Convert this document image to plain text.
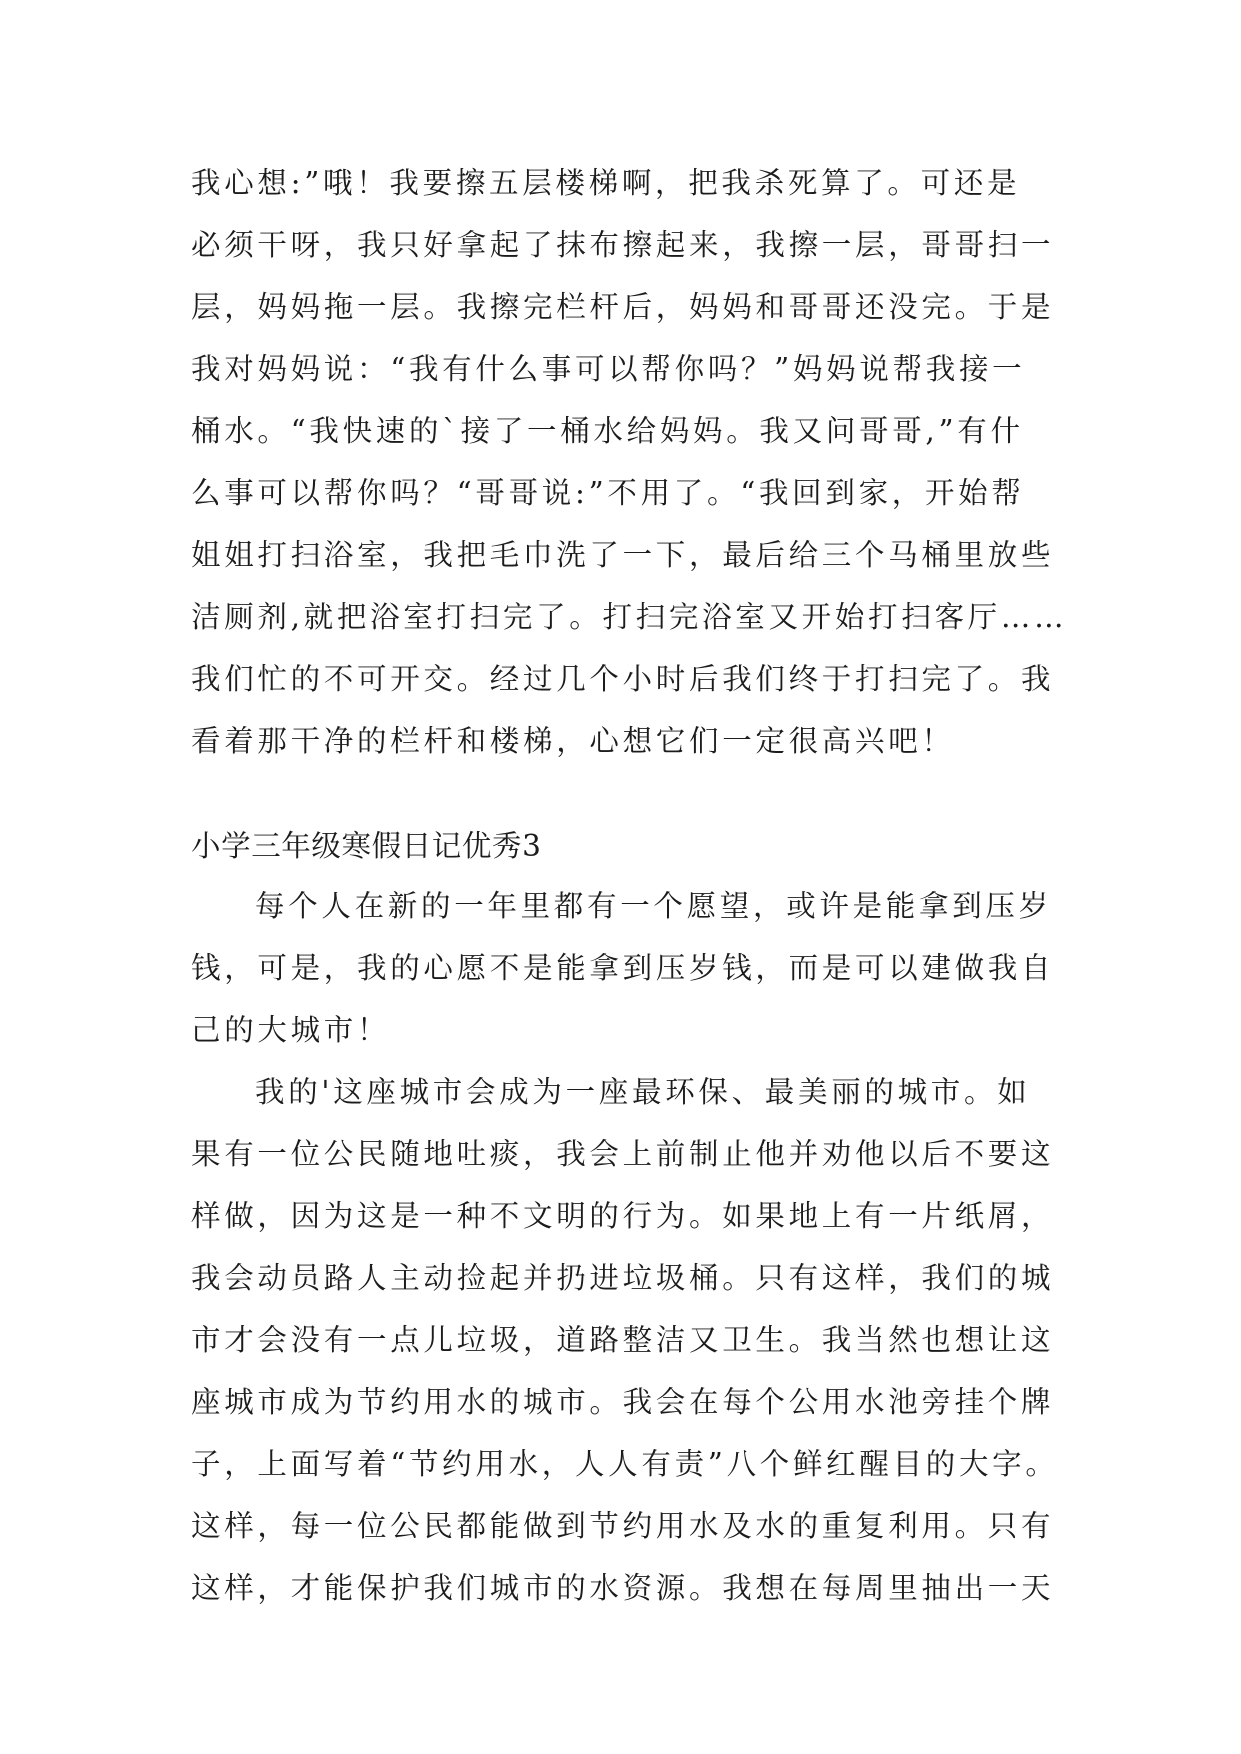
我心想:”哦！我要擦五层楼梯啊，把我杀死算了。可还是
必须干呀，我只好拿起了抹布擦起来，我擦一层，哥哥扫一
层，妈妈拖一层。我擦完栏杆后，妈妈和哥哥还没完。于是
我对妈妈说：“我有什么事可以帮你吗？”妈妈说帮我接一
桶水。“我快速的`接了一桶水给妈妈。我又问哥哥,”有什
么事可以帮你吗？“哥哥说:”不用了。“我回到家，开始帮
姐姐打扫浴室，我把毛巾洗了一下，最后给三个马桶里放些
洁厕剂,就把浴室打扫完了。打扫完浴室又开始打扫客厅……
我们忙的不可开交。经过几个小时后我们终于打扫完了。我
看着那干净的栏杆和楼梯，心想它们一定很高兴吧！
小学三年级寒假日记优秀3
每个人在新的一年里都有一个愿望，或许是能拿到压岁
钱，可是，我的心愿不是能拿到压岁钱，而是可以建做我自
己的大城市！
我的'这座城市会成为一座最环保、最美丽的城市。如
果有一位公民随地吐痰，我会上前制止他并劝他以后不要这
样做，因为这是一种不文明的行为。如果地上有一片纸屑，
我会动员路人主动捡起并扔进垃圾桶。只有这样，我们的城
市才会没有一点儿垃圾，道路整洁又卫生。我当然也想让这
座城市成为节约用水的城市。我会在每个公用水池旁挂个牌
子，上面写着“节约用水，人人有责”八个鲜红醒目的大字。
这样，每一位公民都能做到节约用水及水的重复利用。只有
这样，才能保护我们城市的水资源。我想在每周里抽出一天
